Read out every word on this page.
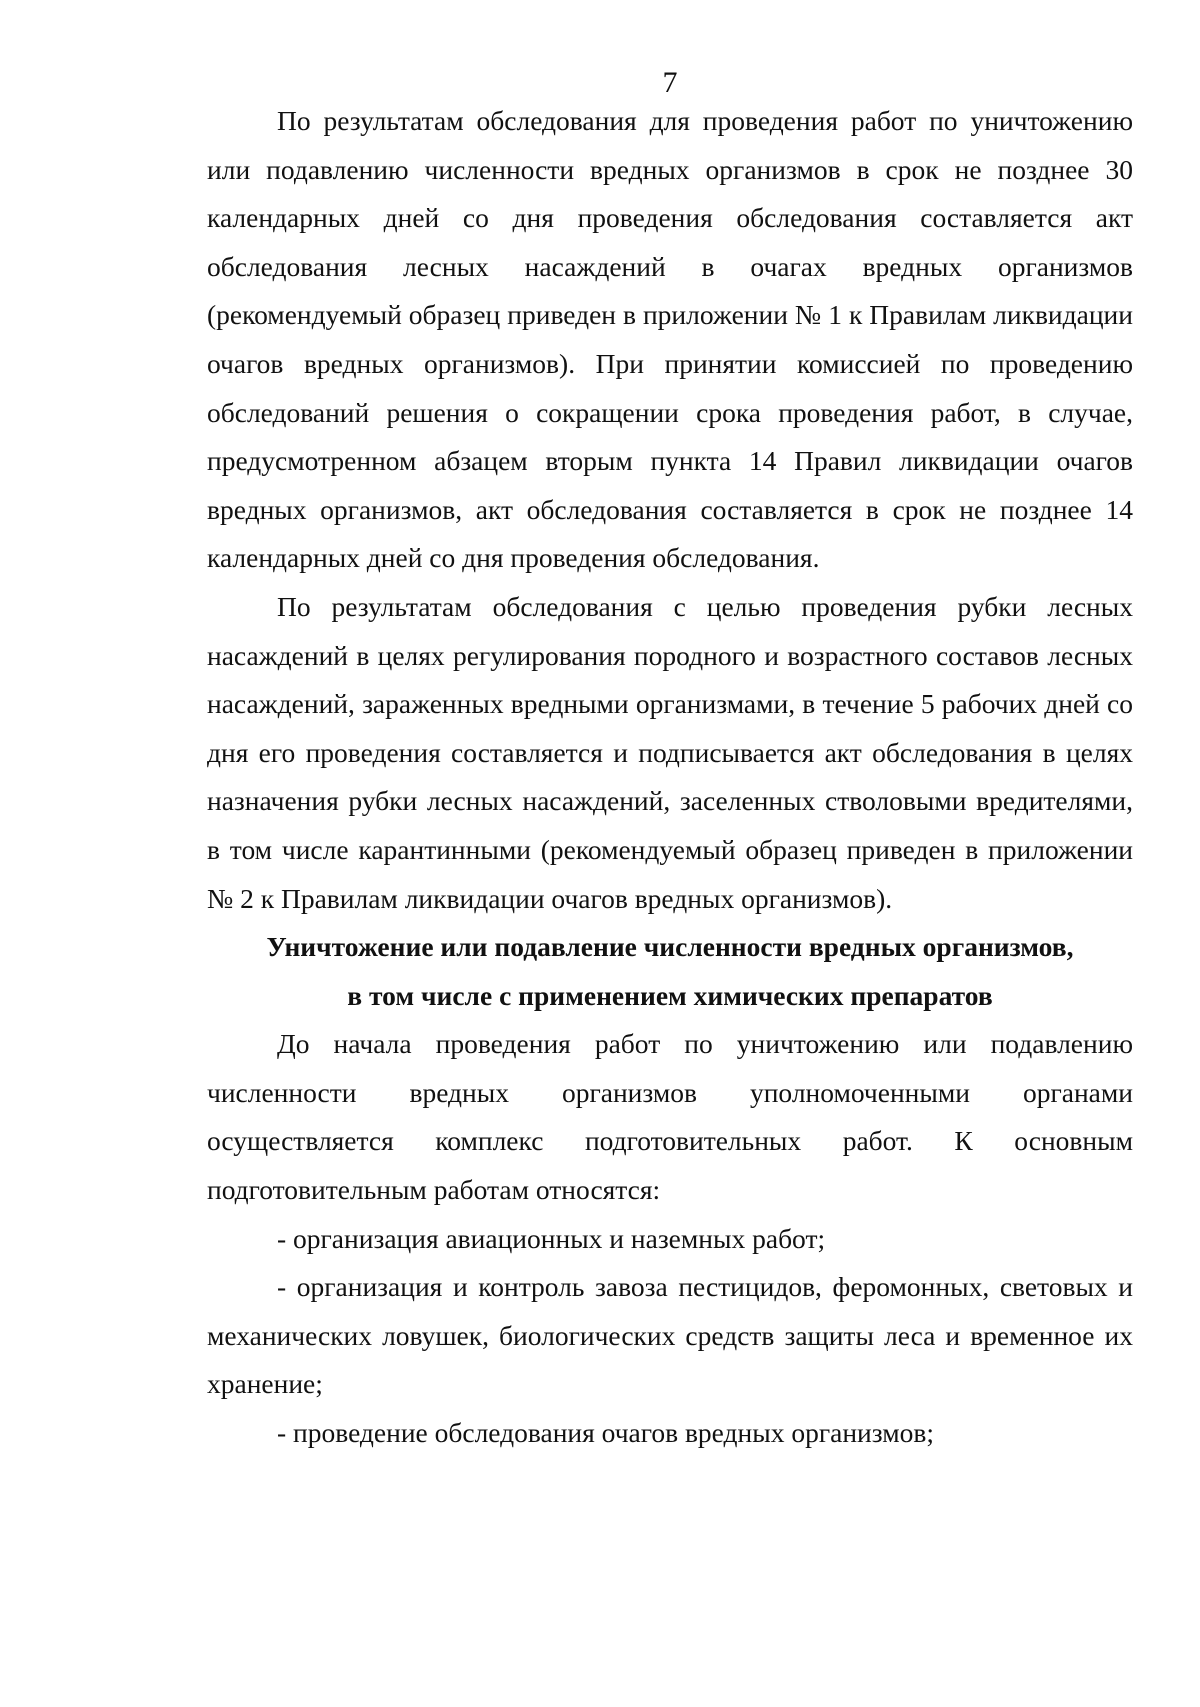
7

По результатам обследования для проведения работ по уничтожению или подавлению численности вредных организмов в срок не позднее 30 календарных дней со дня проведения обследования составляется акт обследования лесных насаждений в очагах вредных организмов (рекомендуемый образец приведен в приложении № 1 к Правилам ликвидации очагов вредных организмов). При принятии комиссией по проведению обследований решения о сокращении срока проведения работ, в случае, предусмотренном абзацем вторым пункта 14 Правил ликвидации очагов вредных организмов, акт обследования составляется в срок не позднее 14 календарных дней со дня проведения обследования.

По результатам обследования с целью проведения рубки лесных насаждений в целях регулирования породного и возрастного составов лесных насаждений, зараженных вредными организмами, в течение 5 рабочих дней со дня его проведения составляется и подписывается акт обследования в целях назначения рубки лесных насаждений, заселенных стволовыми вредителями, в том числе карантинными (рекомендуемый образец приведен в приложении № 2 к Правилам ликвидации очагов вредных организмов).

Уничтожение или подавление численности вредных организмов,
в том числе с применением химических препаратов

До начала проведения работ по уничтожению или подавлению численности вредных организмов уполномоченными органами осуществляется комплекс подготовительных работ. К основным подготовительным работам относятся:

- организация авиационных и наземных работ;

- организация и контроль завоза пестицидов, феромонных, световых и механических ловушек, биологических средств защиты леса и временное их хранение;

- проведение обследования очагов вредных организмов;
